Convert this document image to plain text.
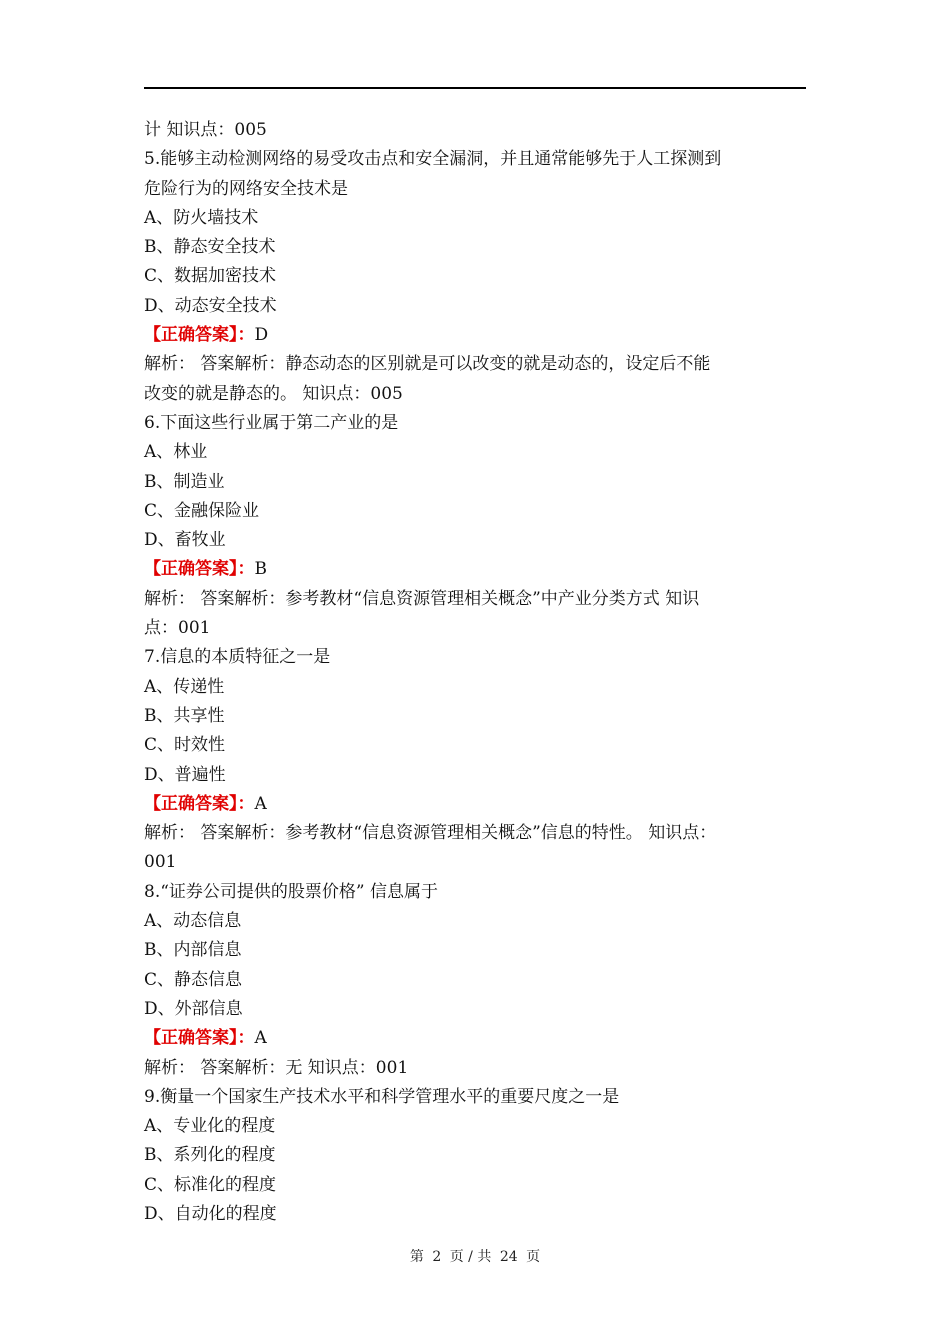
计 知识点：005
5.能够主动检测网络的易受攻击点和安全漏洞，并且通常能够先于人工探测到
危险行为的网络安全技术是
A、防火墙技术
B、静态安全技术
C、数据加密技术
D、动态安全技术
【正确答案】：D
解析： 答案解析：静态动态的区别就是可以改变的就是动态的，设定后不能
改变的就是静态的。 知识点：005
6.下面这些行业属于第二产业的是
A、林业
B、制造业
C、金融保险业
D、畜牧业
【正确答案】：B
解析： 答案解析：参考教材“信息资源管理相关概念”中产业分类方式 知识
点：001
7.信息的本质特征之一是
A、传递性
B、共享性
C、时效性
D、普遍性
【正确答案】：A
解析： 答案解析：参考教材“信息资源管理相关概念”信息的特性。 知识点：
001
8.“证券公司提供的股票价格” 信息属于
A、动态信息
B、内部信息
C、静态信息
D、外部信息
【正确答案】：A
解析： 答案解析：无 知识点：001
9.衡量一个国家生产技术水平和科学管理水平的重要尺度之一是
A、专业化的程度
B、系列化的程度
C、标准化的程度
D、自动化的程度
第 2 页 / 共 24 页
